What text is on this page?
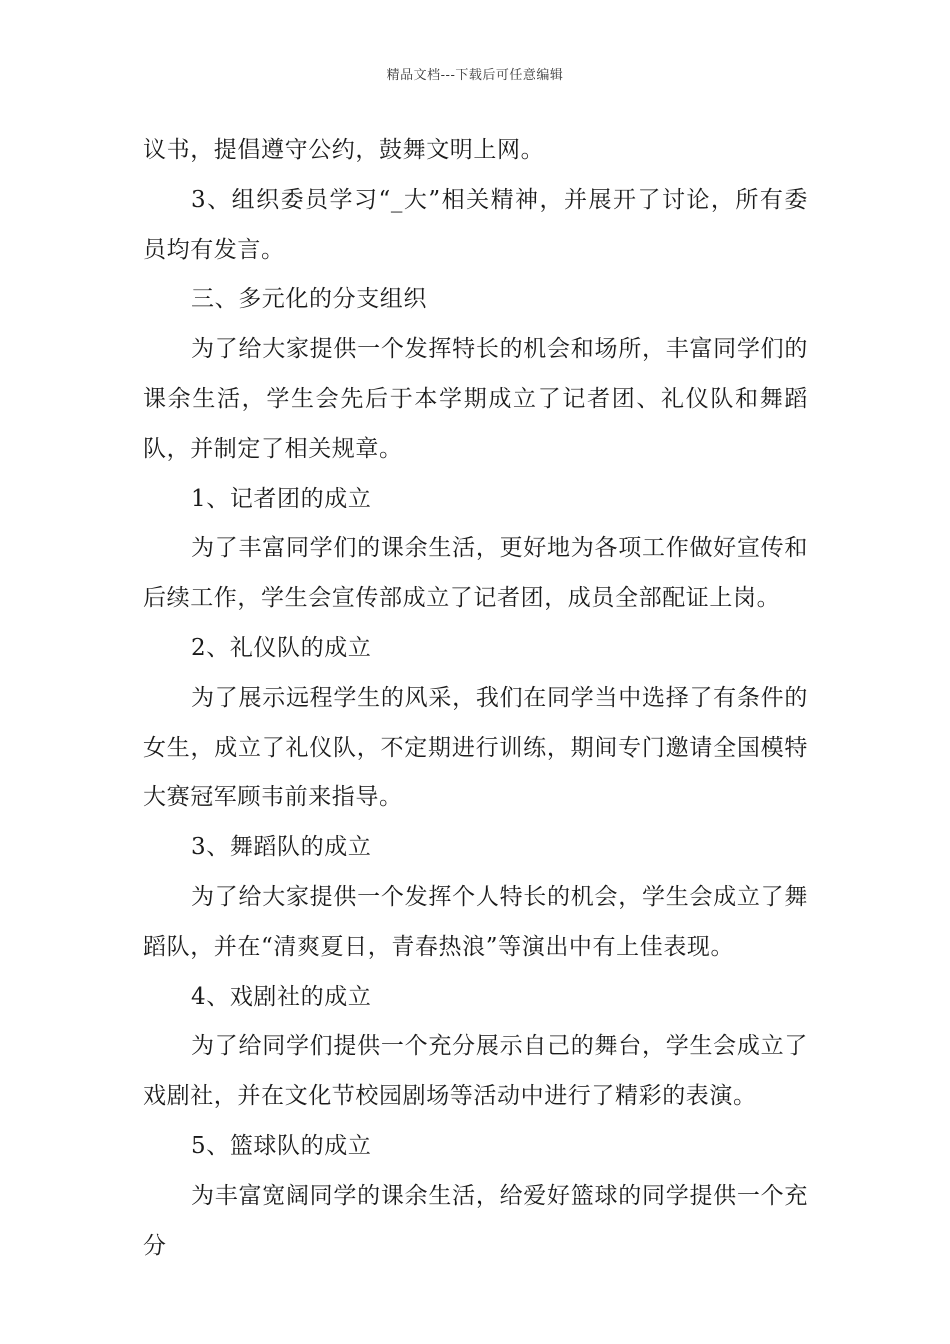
精品文档---下载后可任意编辑

议书，提倡遵守公约，鼓舞文明上网。

3、组织委员学习“_大”相关精神，并展开了讨论，所有委员均有发言。

三、多元化的分支组织

为了给大家提供一个发挥特长的机会和场所，丰富同学们的课余生活，学生会先后于本学期成立了记者团、礼仪队和舞蹈队，并制定了相关规章。

1、记者团的成立

为了丰富同学们的课余生活，更好地为各项工作做好宣传和后续工作，学生会宣传部成立了记者团，成员全部配证上岗。

2、礼仪队的成立

为了展示远程学生的风采，我们在同学当中选择了有条件的女生，成立了礼仪队，不定期进行训练，期间专门邀请全国模特大赛冠军顾韦前来指导。

3、舞蹈队的成立

为了给大家提供一个发挥个人特长的机会，学生会成立了舞蹈队，并在“清爽夏日，青春热浪”等演出中有上佳表现。

4、戏剧社的成立

为了给同学们提供一个充分展示自己的舞台，学生会成立了戏剧社，并在文化节校园剧场等活动中进行了精彩的表演。

5、篮球队的成立

为丰富宽阔同学的课余生活，给爱好篮球的同学提供一个充分
